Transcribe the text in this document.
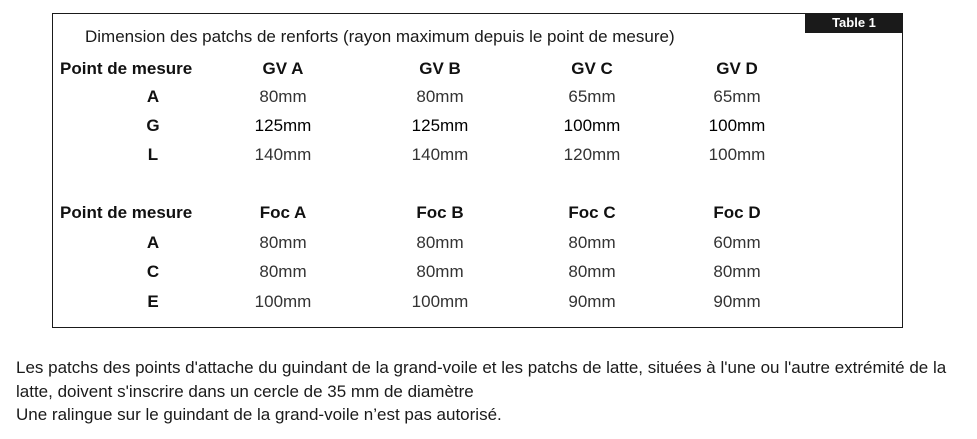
Table 1
Dimension des patchs de renforts (rayon maximum depuis le point de mesure)
Point de mesure	GV A	GV B	GV C	GV D
A	80mm	80mm	65mm	65mm
G	125mm	125mm	100mm	100mm
L	140mm	140mm	120mm	100mm
Point de mesure	Foc A	Foc B	Foc C	Foc D
A	80mm	80mm	80mm	60mm
C	80mm	80mm	80mm	80mm
E	100mm	100mm	90mm	90mm

Les patchs des points d'attache du guindant de la grand-voile et les patchs de latte, situées à l'une ou l'autre extrémité de la latte, doivent s'inscrire dans un cercle de 35 mm de diamètre

Une ralingue sur le guindant de la grand-voile n’est pas autorisé.
